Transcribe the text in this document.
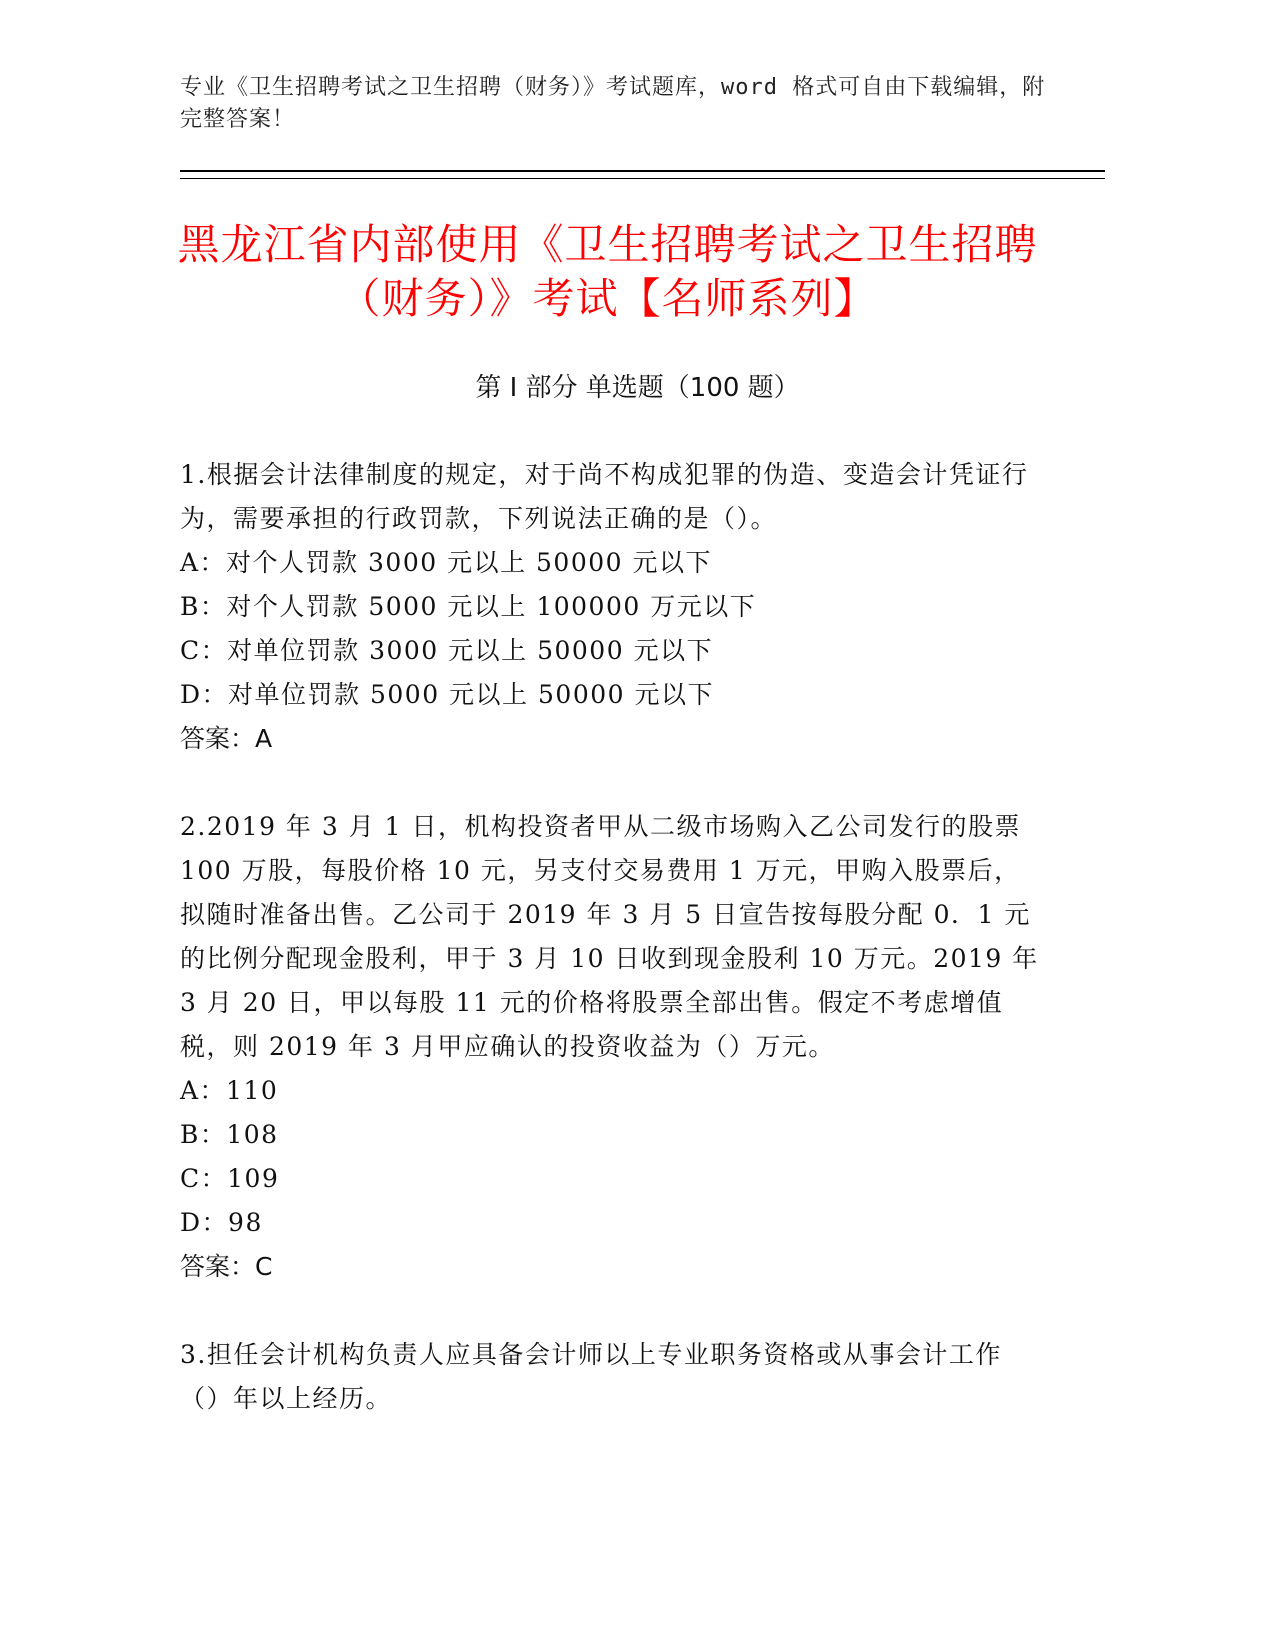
专业《卫生招聘考试之卫生招聘（财务）》考试题库，word 格式可自由下载编辑，附完整答案！
黑龙江省内部使用《卫生招聘考试之卫生招聘（财务）》考试【名师系列】
第 I 部分 单选题（100 题）
1.根据会计法律制度的规定，对于尚不构成犯罪的伪造、变造会计凭证行为，需要承担的行政罚款，下列说法正确的是（）。
A：对个人罚款 3000 元以上 50000 元以下
B：对个人罚款 5000 元以上 100000 万元以下
C：对单位罚款 3000 元以上 50000 元以下
D：对单位罚款 5000 元以上 50000 元以下
答案：A
2.2019 年 3 月 1 日，机构投资者甲从二级市场购入乙公司发行的股票 100 万股，每股价格 10 元，另支付交易费用 1 万元，甲购入股票后，拟随时准备出售。乙公司于 2019 年 3 月 5 日宣告按每股分配 0．1 元的比例分配现金股利，甲于 3 月 10 日收到现金股利 10 万元。2019 年 3 月 20 日，甲以每股 11 元的价格将股票全部出售。假定不考虑增值税，则 2019 年 3 月甲应确认的投资收益为（）万元。
A：110
B：108
C：109
D：98
答案：C
3.担任会计机构负责人应具备会计师以上专业职务资格或从事会计工作（）年以上经历。
